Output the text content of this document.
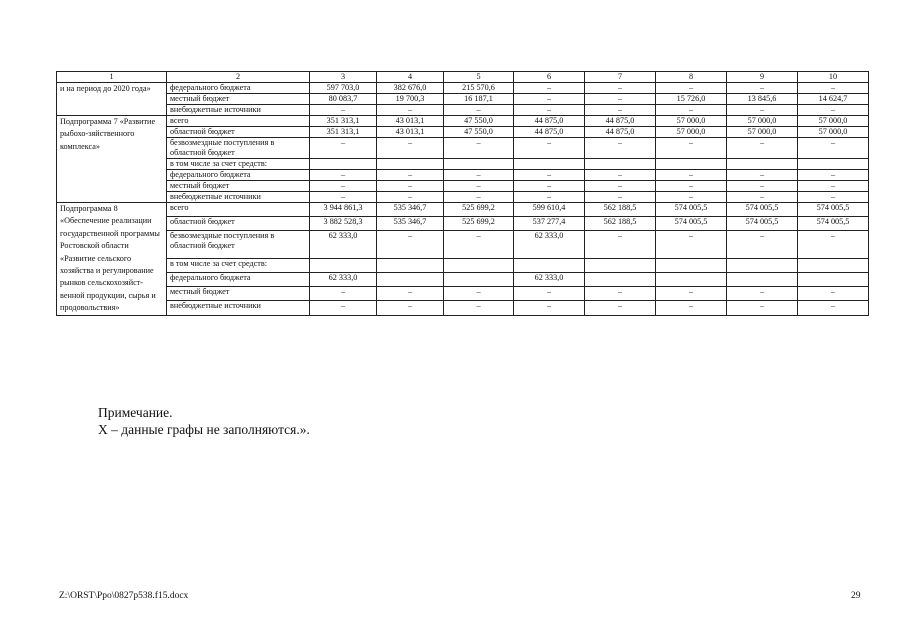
1	2	3	4	5	6	7	8	9	10
и на период до 2020 года»	федерального бюджета	597 703,0	382 676,0	215 570,6	–	–	–	–	–
	местный бюджет	80 083,7	19 700,3	16 187,1	–	–	15 726,0	13 845,6	14 624,7
	внебюджетные источники	–	–	–	–	–	–	–	–
Подпрограмма 7 «Развитие рыбохо-зяйственного комплекса»	всего	351 313,1	43 013,1	47 550,0	44 875,0	44 875,0	57 000,0	57 000,0	57 000,0
	областной бюджет	351 313,1	43 013,1	47 550,0	44 875,0	44 875,0	57 000,0	57 000,0	57 000,0
	безвозмездные поступления в областной бюджет	–	–	–	–	–	–	–	–
	в том числе за счет средств:								
	федерального бюджета	–	–	–	–	–	–	–	–
	местный бюджет	–	–	–	–	–	–	–	–
	внебюджетные источники	–	–	–	–	–	–	–	–
Подпрограмма 8 «Обеспечение реализации государственной программы Ростовской области «Развитие сельского хозяйства и регулирование рынков сельскохозяйст-венной продукции, сырья и продовольствия»	всего	3 944 861,3	535 346,7	525 699,2	599 610,4	562 188,5	574 005,5	574 005,5	574 005,5
	областной бюджет	3 882 528,3	535 346,7	525 699,2	537 277,4	562 188,5	574 005,5	574 005,5	574 005,5
	безвозмездные поступления в областной бюджет	62 333,0	–	–	62 333,0	–	–	–	–
	в том числе за счет средств:								
	федерального бюджета	62 333,0			62 333,0				
	местный бюджет	–	–	–	–	–	–	–	–
	внебюджетные источники	–	–	–	–	–	–	–	–
Примечание.
Х – данные графы не заполняются.».
Z:\ORST\Ppo\0827p538.f15.docx	29
